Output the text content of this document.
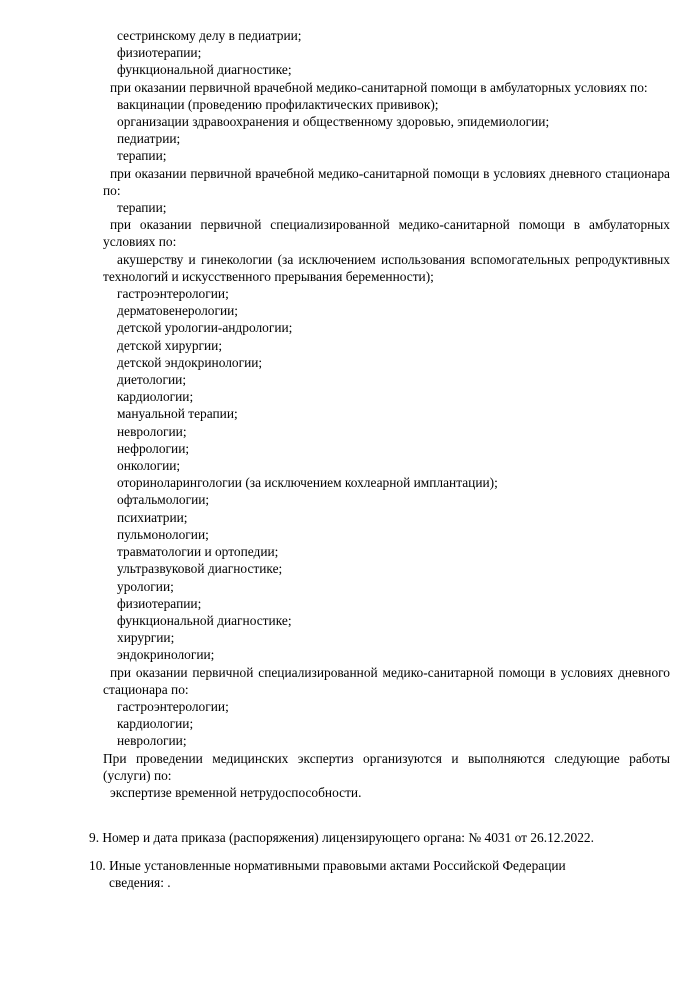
сестринскому делу в педиатрии;
физиотерапии;
функциональной диагностике;
при оказании первичной врачебной медико-санитарной помощи в амбулаторных условиях по:
вакцинации (проведению профилактических прививок);
организации здравоохранения и общественному здоровью, эпидемиологии;
педиатрии;
терапии;
при оказании первичной врачебной медико-санитарной помощи в условиях дневного стационара по:
терапии;
при оказании первичной специализированной медико-санитарной помощи в амбулаторных условиях по:
акушерству и гинекологии (за исключением использования вспомогательных репродуктивных технологий и искусственного прерывания беременности);
гастроэнтерологии;
дерматовенерологии;
детской урологии-андрологии;
детской хирургии;
детской эндокринологии;
диетологии;
кардиологии;
мануальной терапии;
неврологии;
нефрологии;
онкологии;
оториноларингологии (за исключением кохлеарной имплантации);
офтальмологии;
психиатрии;
пульмонологии;
травматологии и ортопедии;
ультразвуковой диагностике;
урологии;
физиотерапии;
функциональной диагностике;
хирургии;
эндокринологии;
при оказании первичной специализированной медико-санитарной помощи в условиях дневного стационара по:
гастроэнтерологии;
кардиологии;
неврологии;
При проведении медицинских экспертиз организуются и выполняются следующие работы (услуги) по:
экспертизе временной нетрудоспособности.
9. Номер и дата приказа (распоряжения) лицензирующего органа: № 4031 от 26.12.2022.
10. Иные установленные нормативными правовыми актами Российской Федерации
сведения: .
